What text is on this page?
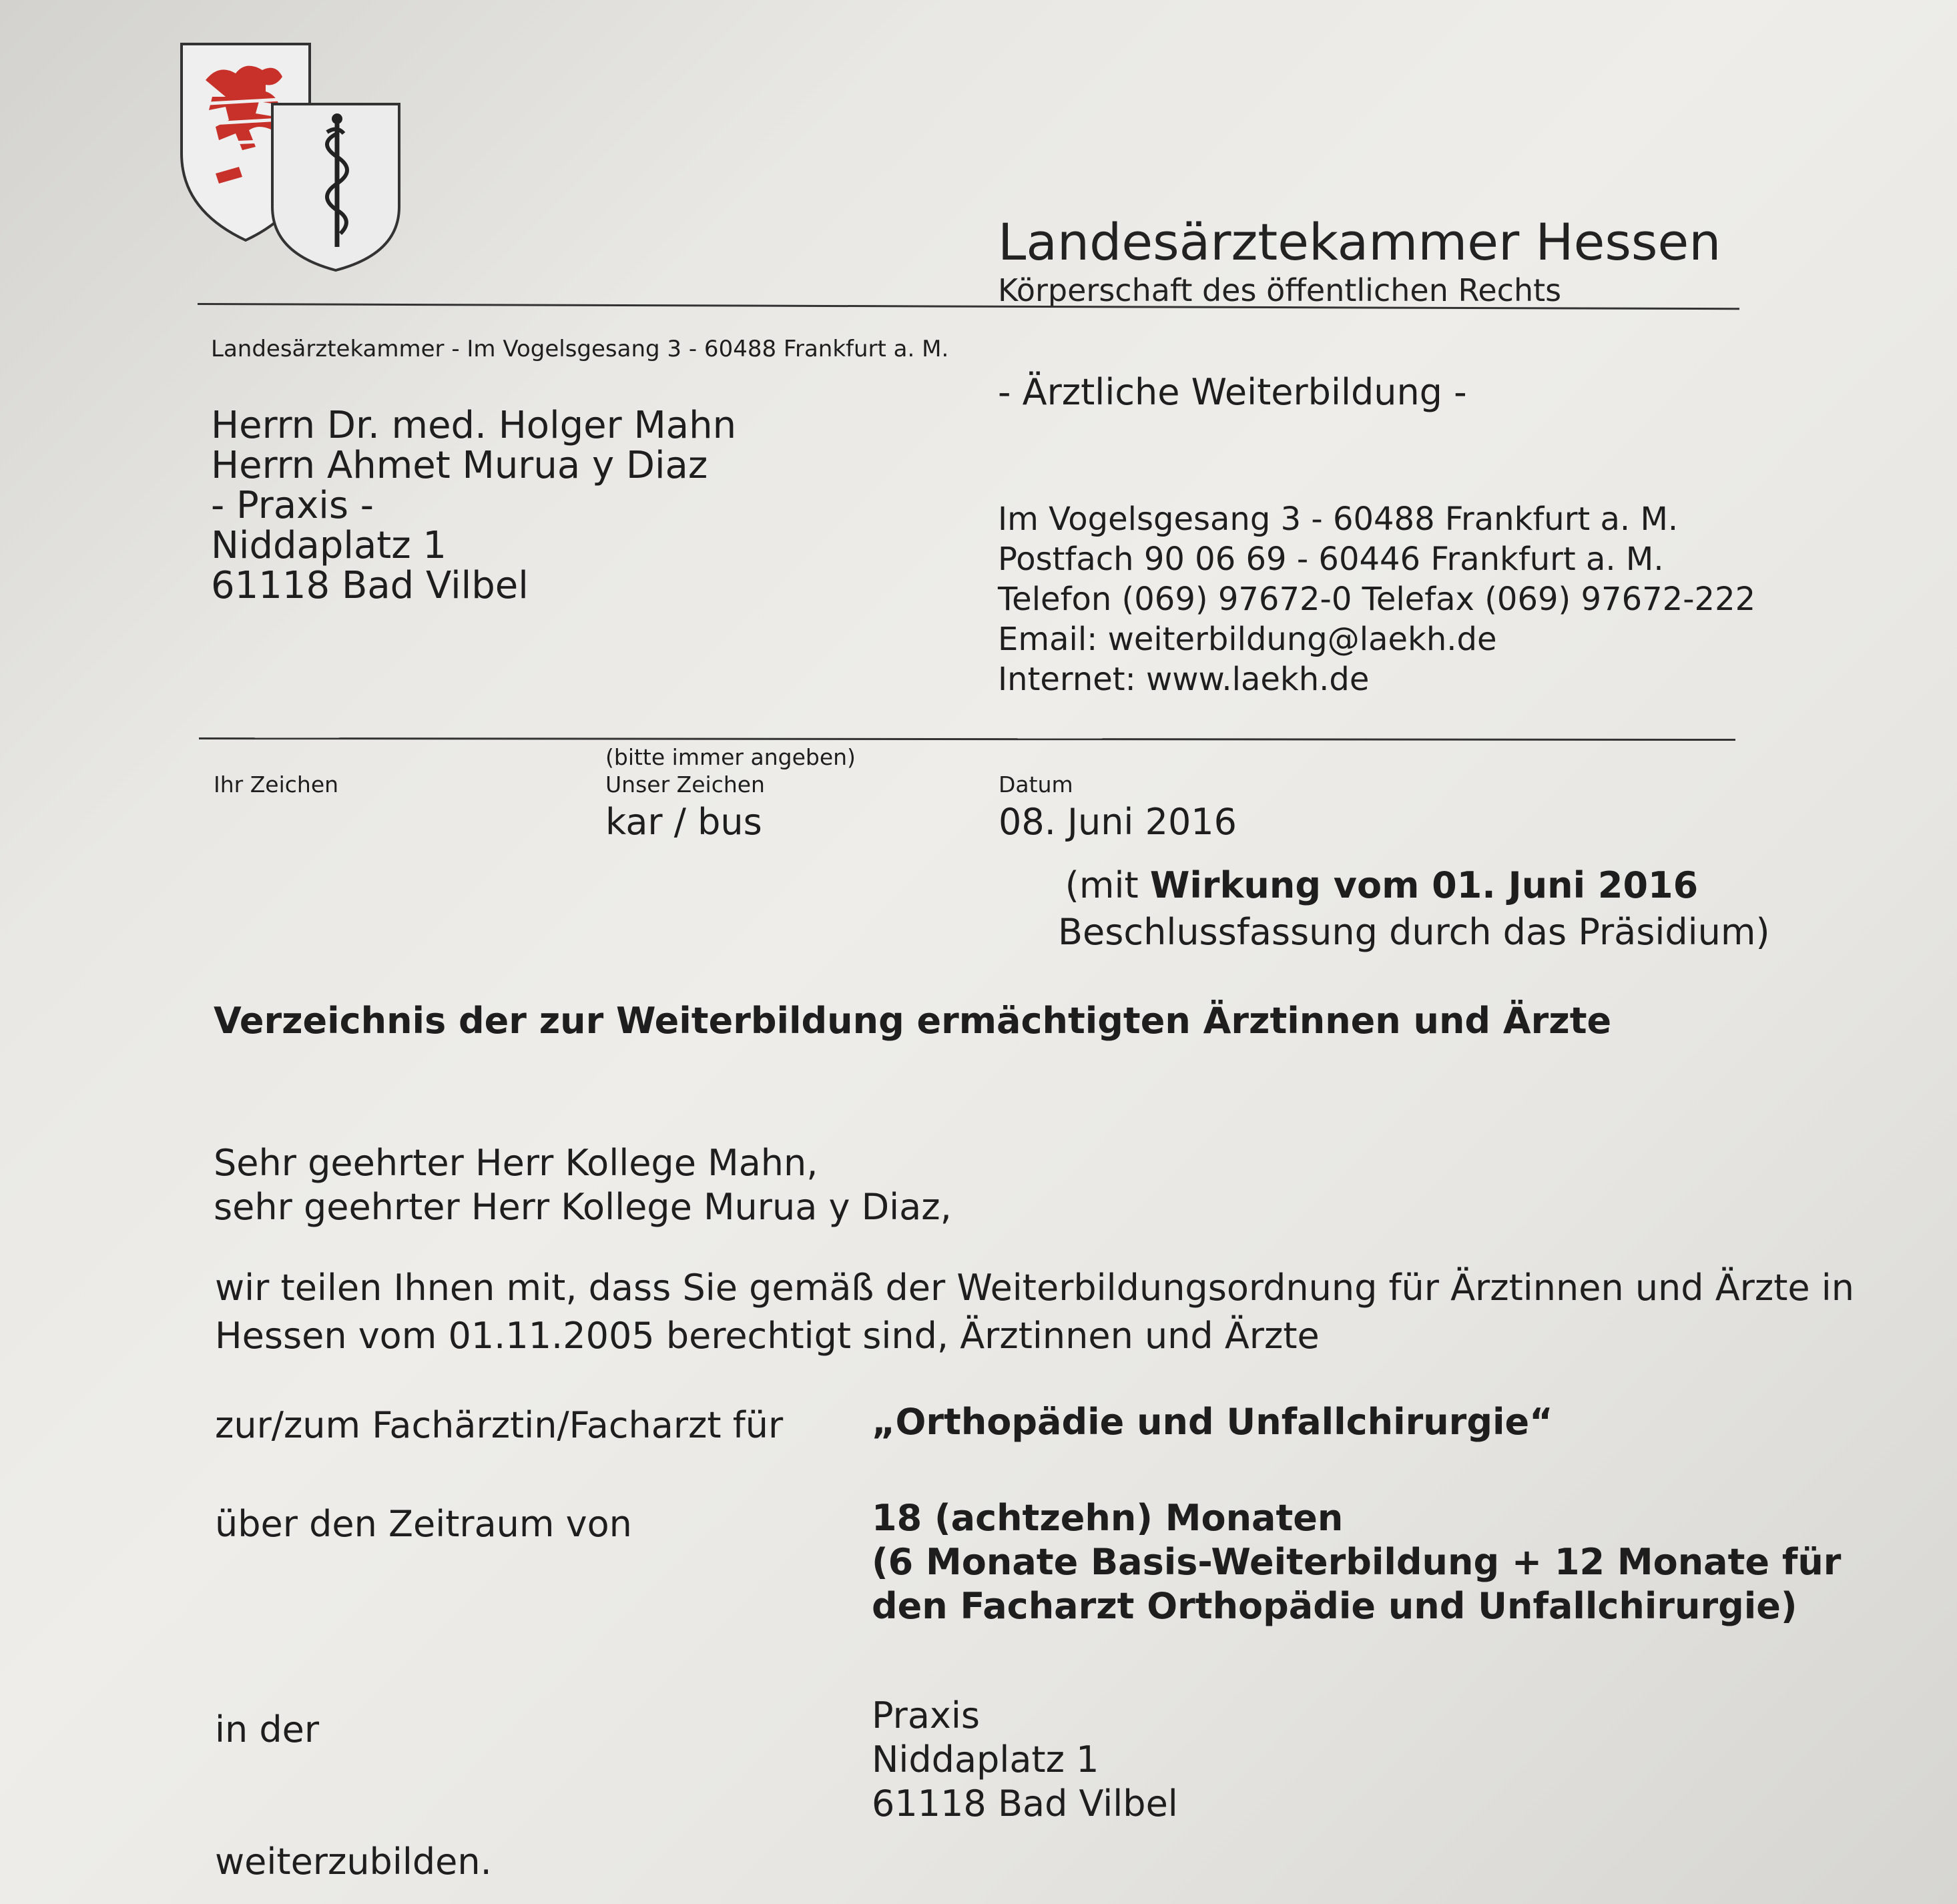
Landesärztekammer Hessen
Körperschaft des öffentlichen Rechts
Landesärztekammer - Im Vogelsgesang 3 - 60488 Frankfurt a. M.
- Ärztliche Weiterbildung -
Herrn Dr. med. Holger Mahn
Herrn Ahmet Murua y Diaz
- Praxis -
Niddaplatz 1
61118 Bad Vilbel
Im Vogelsgesang 3 - 60488 Frankfurt a. M.
Postfach 90 06 69 - 60446 Frankfurt a. M.
Telefon (069) 97672-0 Telefax (069) 97672-222
Email: weiterbildung@laekh.de
Internet: www.laekh.de
Ihr Zeichen
(bitte immer angeben)
Unser Zeichen	Datum
kar / bus	08. Juni 2016
(mit Wirkung vom 01. Juni 2016
Beschlussfassung durch das Präsidium)
Verzeichnis der zur Weiterbildung ermächtigten Ärztinnen und Ärzte
Sehr geehrter Herr Kollege Mahn,
sehr geehrter Herr Kollege Murua y Diaz,
wir teilen Ihnen mit, dass Sie gemäß der Weiterbildungsordnung für Ärztinnen und Ärzte in
Hessen vom 01.11.2005 berechtigt sind, Ärztinnen und Ärzte
zur/zum Fachärztin/Facharzt für „Orthopädie und Unfallchirurgie“
über den Zeitraum von	18 (achtzehn) Monaten
(6 Monate Basis-Weiterbildung + 12 Monate für
den Facharzt Orthopädie und Unfallchirurgie)
in der	Praxis
Niddaplatz 1
61118 Bad Vilbel
weiterzubilden.
